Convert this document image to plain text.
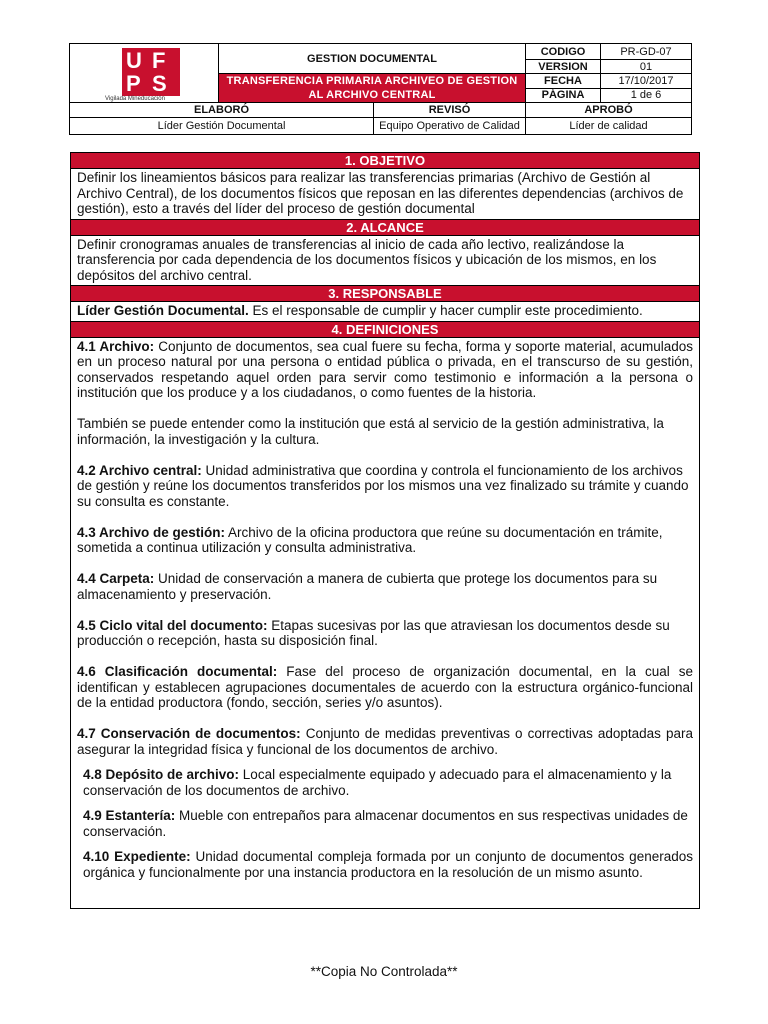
U F
P S
Vigilada Mineducación	GESTION DOCUMENTAL		CODIGO	PR-GD-07
			VERSION	01
	TRANSFERENCIA PRIMARIA ARCHIVEO DE GESTION AL ARCHIVO CENTRAL		FECHA	17/10/2017
			PÁGINA	1 de 6
ELABORÓ		REVISÓ	APROBÓ	
Líder Gestión Documental		Equipo Operativo de Calidad	Líder de calidad	
1. OBJETIVO
Definir los lineamientos básicos para realizar las transferencias primarias (Archivo de Gestión al Archivo Central), de los documentos físicos que reposan en las diferentes dependencias (archivos de gestión), esto a través del líder del proceso de gestión documental
2. ALCANCE
Definir cronogramas anuales de transferencias al inicio de cada año lectivo, realizándose la transferencia por cada dependencia de los documentos físicos y ubicación de los mismos, en los depósitos del archivo central.
3. RESPONSABLE
Líder Gestión Documental. Es el responsable de cumplir y hacer cumplir este procedimiento.
4. DEFINICIONES

4.1 Archivo: Conjunto de documentos, sea cual fuere su fecha, forma y soporte material, acumulados en un proceso natural por una persona o entidad pública o privada, en el transcurso de su gestión, conservados respetando aquel orden para servir como testimonio e información a la persona o institución que los produce y a los ciudadanos, o como fuentes de la historia.

También se puede entender como la institución que está al servicio de la gestión administrativa, la información, la investigación y la cultura.

4.2 Archivo central: Unidad administrativa que coordina y controla el funcionamiento de los archivos de gestión y reúne los documentos transferidos por los mismos una vez finalizado su trámite y cuando su consulta es constante.

4.3 Archivo de gestión: Archivo de la oficina productora que reúne su documentación en trámite, sometida a continua utilización y consulta administrativa.

4.4 Carpeta: Unidad de conservación a manera de cubierta que protege los documentos para su almacenamiento y preservación.

4.5 Ciclo vital del documento: Etapas sucesivas por las que atraviesan los documentos desde su producción o recepción, hasta su disposición final.

4.6 Clasificación documental: Fase del proceso de organización documental, en la cual se identifican y establecen agrupaciones documentales de acuerdo con la estructura orgánico-funcional de la entidad productora (fondo, sección, series y/o asuntos).

4.7 Conservación de documentos: Conjunto de medidas preventivas o correctivas adoptadas para asegurar la integridad física y funcional de los documentos de archivo.

4.8 Depósito de archivo: Local especialmente equipado y adecuado para el almacenamiento y la conservación de los documentos de archivo.

4.9 Estantería: Mueble con entrepaños para almacenar documentos en sus respectivas unidades de conservación.

4.10 Expediente: Unidad documental compleja formada por un conjunto de documentos generados orgánica y funcionalmente por una instancia productora en la resolución de un mismo asunto.

**Copia No Controlada**
